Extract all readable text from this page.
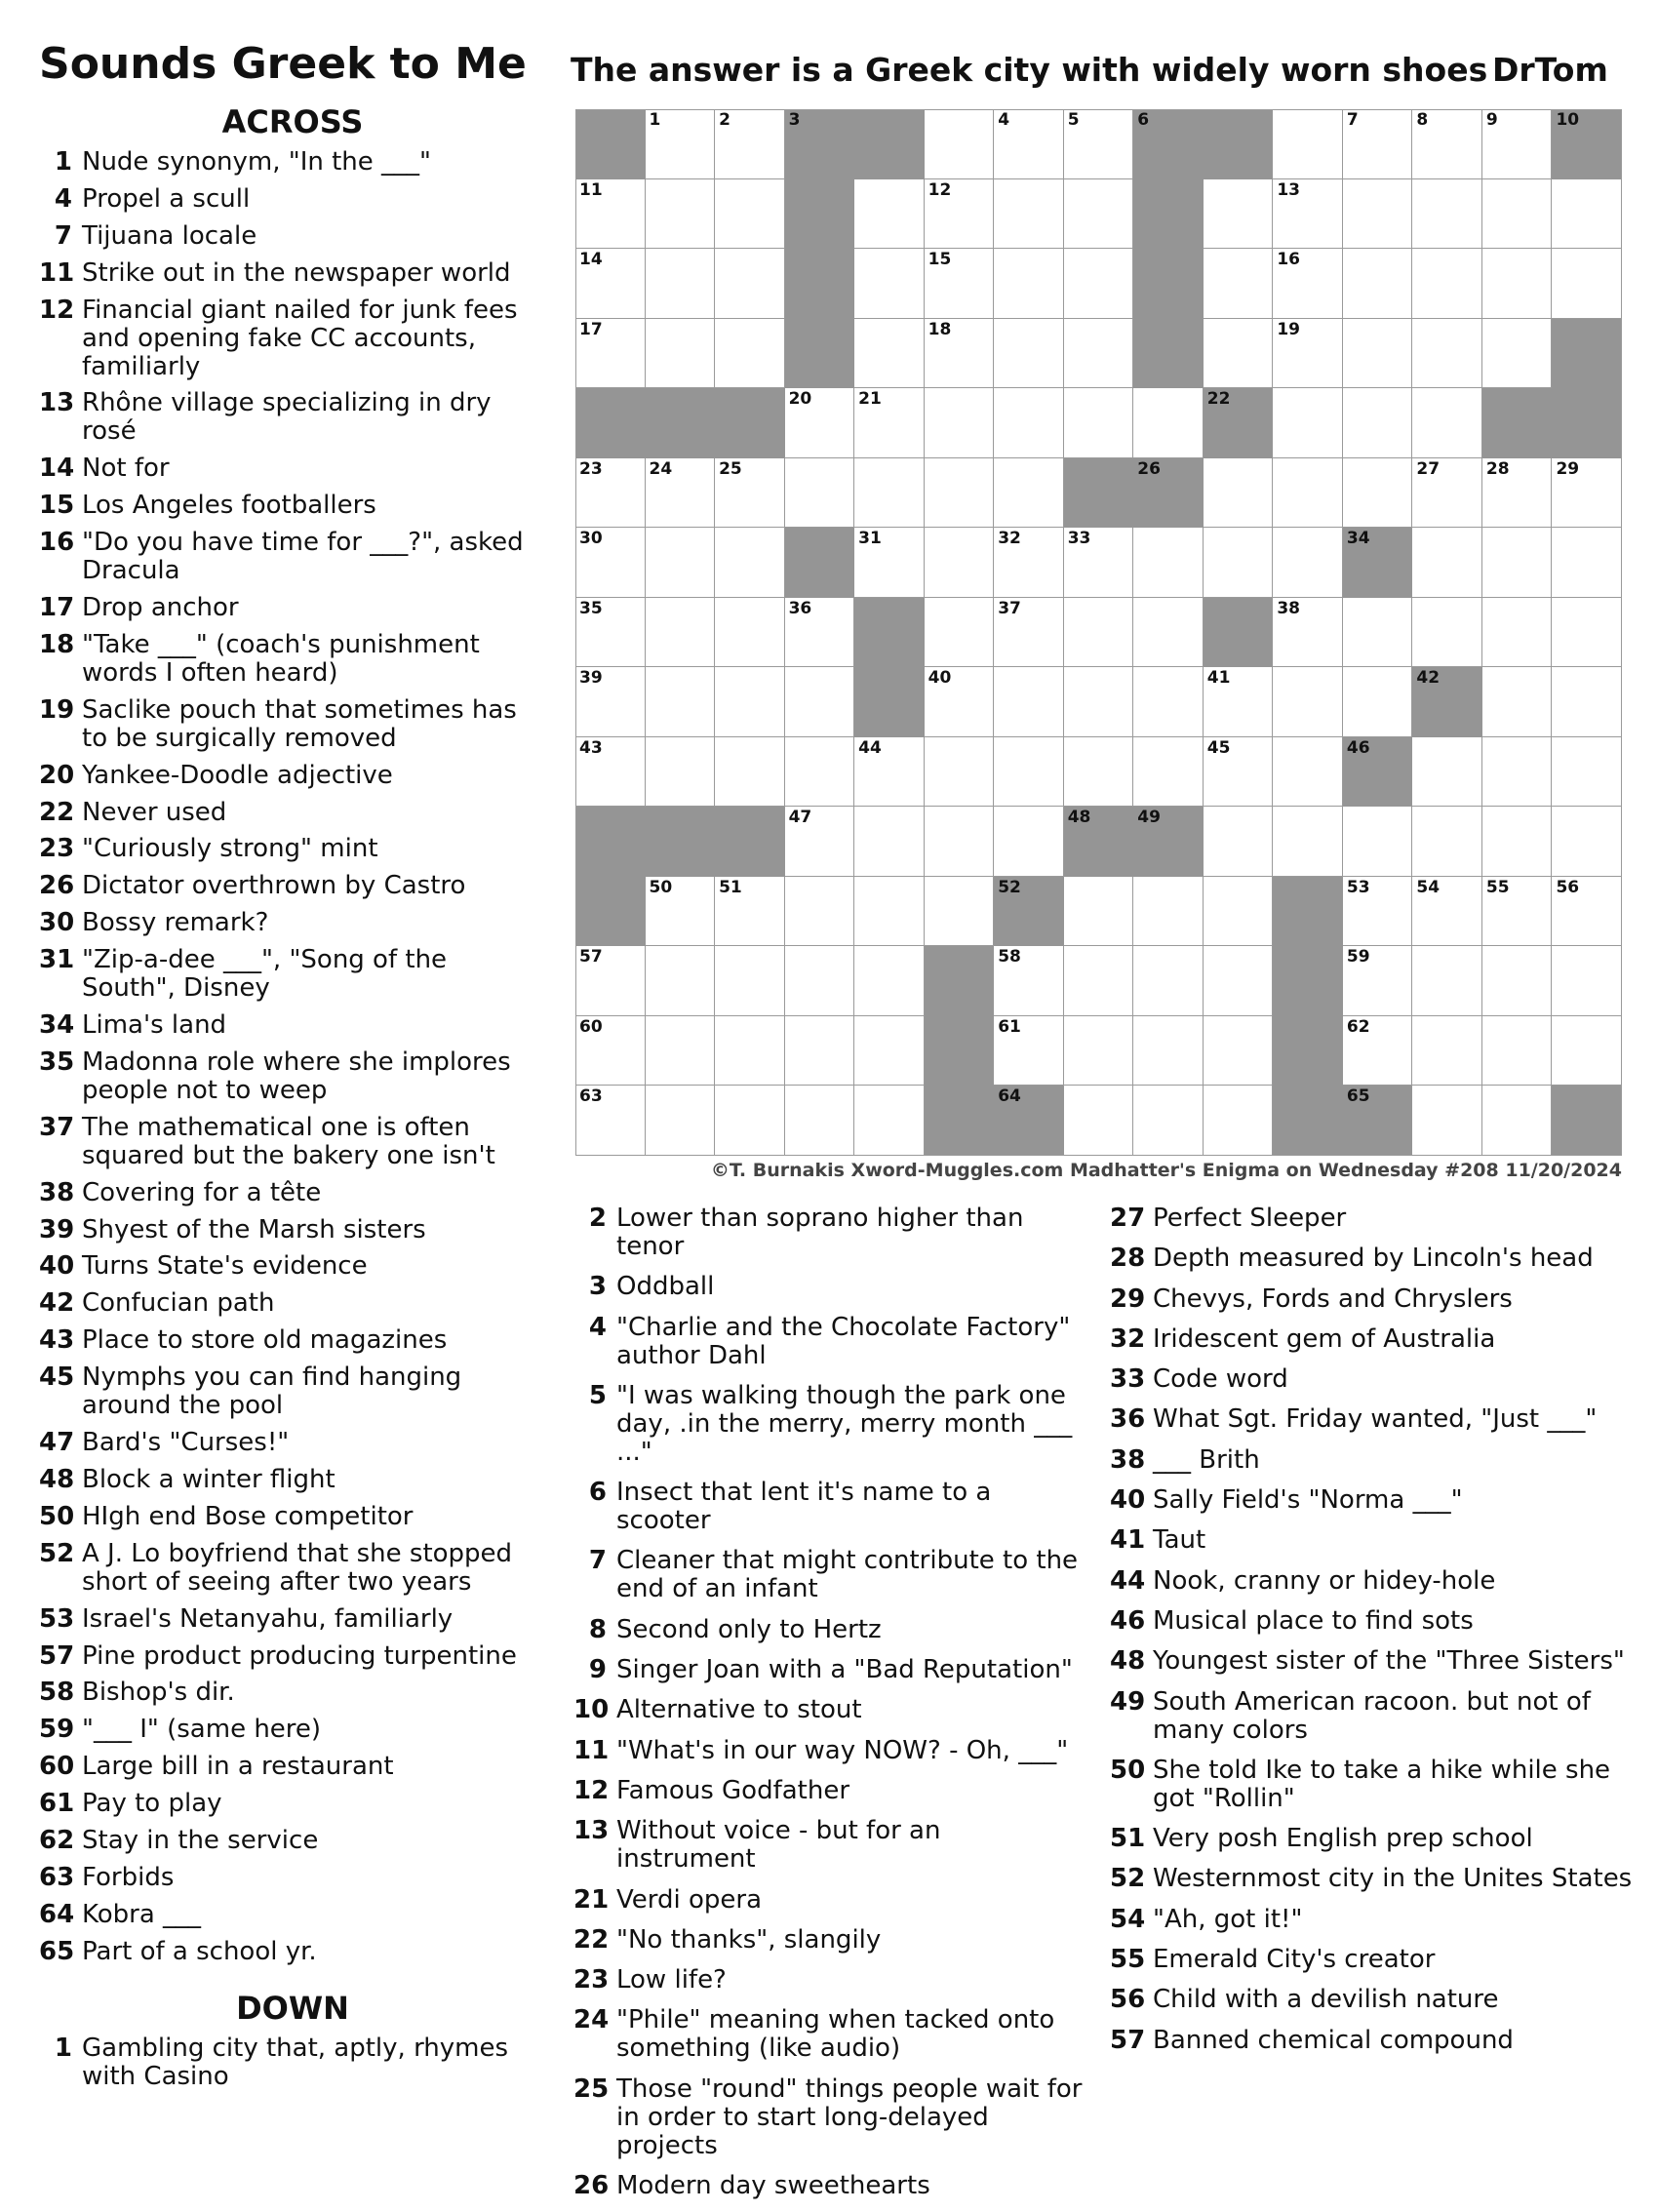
Sounds Greek to Me The answer is a Greek city with widely worn shoes DrTom
ACROSS
1 Nude synonym, "In the ___"
4 Propel a scull
7 Tijuana locale
11 Strike out in the newspaper world
12 Financial giant nailed for junk fees and opening fake CC accounts, familiarly
13 Rhône village specializing in dry rosé
14 Not for
15 Los Angeles footballers
16 "Do you have time for ___?", asked Dracula
17 Drop anchor
18 "Take ___" (coach's punishment words I often heard)
19 Saclike pouch that sometimes has to be surgically removed
20 Yankee-Doodle adjective
22 Never used
23 "Curiously strong" mint
26 Dictator overthrown by Castro
30 Bossy remark?
31 "Zip-a-dee ___", "Song of the South", Disney
34 Lima's land
35 Madonna role where she implores people not to weep
37 The mathematical one is often squared but the bakery one isn't
38 Covering for a tête
39 Shyest of the Marsh sisters
40 Turns State's evidence
42 Confucian path
43 Place to store old magazines
45 Nymphs you can find hanging around the pool
47 Bard's "Curses!"
48 Block a winter flight
50 HIgh end Bose competitor
52 A J. Lo boyfriend that she stopped short of seeing after two years
53 Israel's Netanyahu, familiarly
57 Pine product producing turpentine
58 Bishop's dir.
59 "___ I" (same here)
60 Large bill in a restaurant
61 Pay to play
62 Stay in the service
63 Forbids
64 Kobra ___
65 Part of a school yr.
DOWN
1 Gambling city that, aptly, rhymes with Casino
2 Lower than soprano higher than tenor
3 Oddball
4 "Charlie and the Chocolate Factory" author Dahl
5 "I was walking though the park one day, .in the merry, merry month ___ ..."
6 Insect that lent it's name to a scooter
7 Cleaner that might contribute to the end of an infant
8 Second only to Hertz
9 Singer Joan with a "Bad Reputation"
10 Alternative to stout
11 "What's in our way NOW? - Oh, ___"
12 Famous Godfather
13 Without voice - but for an instrument
21 Verdi opera
22 "No thanks", slangily
23 Low life?
24 "Phile" meaning when tacked onto something (like audio)
25 Those "round" things people wait for in order to start long-delayed projects
26 Modern day sweethearts
27 Perfect Sleeper
28 Depth measured by Lincoln's head
29 Chevys, Fords and Chryslers
32 Iridescent gem of Australia
33 Code word
36 What Sgt. Friday wanted, "Just ___"
38 ___ Brith
40 Sally Field's "Norma ___"
41 Taut
44 Nook, cranny or hidey-hole
46 Musical place to find sots
48 Youngest sister of the "Three Sisters"
49 South American racoon. but not of many colors
50 She told Ike to take a hike while she got "Rollin"
51 Very posh English prep school
52 Westernmost city in the Unites States
54 "Ah, got it!"
55 Emerald City's creator
56 Child with a devilish nature
57 Banned chemical compound
1	2	3	4	5	6	7	8	9	10
11	12	13
14	15	16
17	18	19
20	21	22
23	24	25	26	27	28	29
30	31	32	33	34
35	36	37	38
39	40	41	42
43	44	45	46
47	48	49
50	51	52	53	54	55	56
57	58	59
60	61	62
63	64	65
©T. Burnakis Xword-Muggles.com Madhatter's Enigma on Wednesday #208 11/20/2024
